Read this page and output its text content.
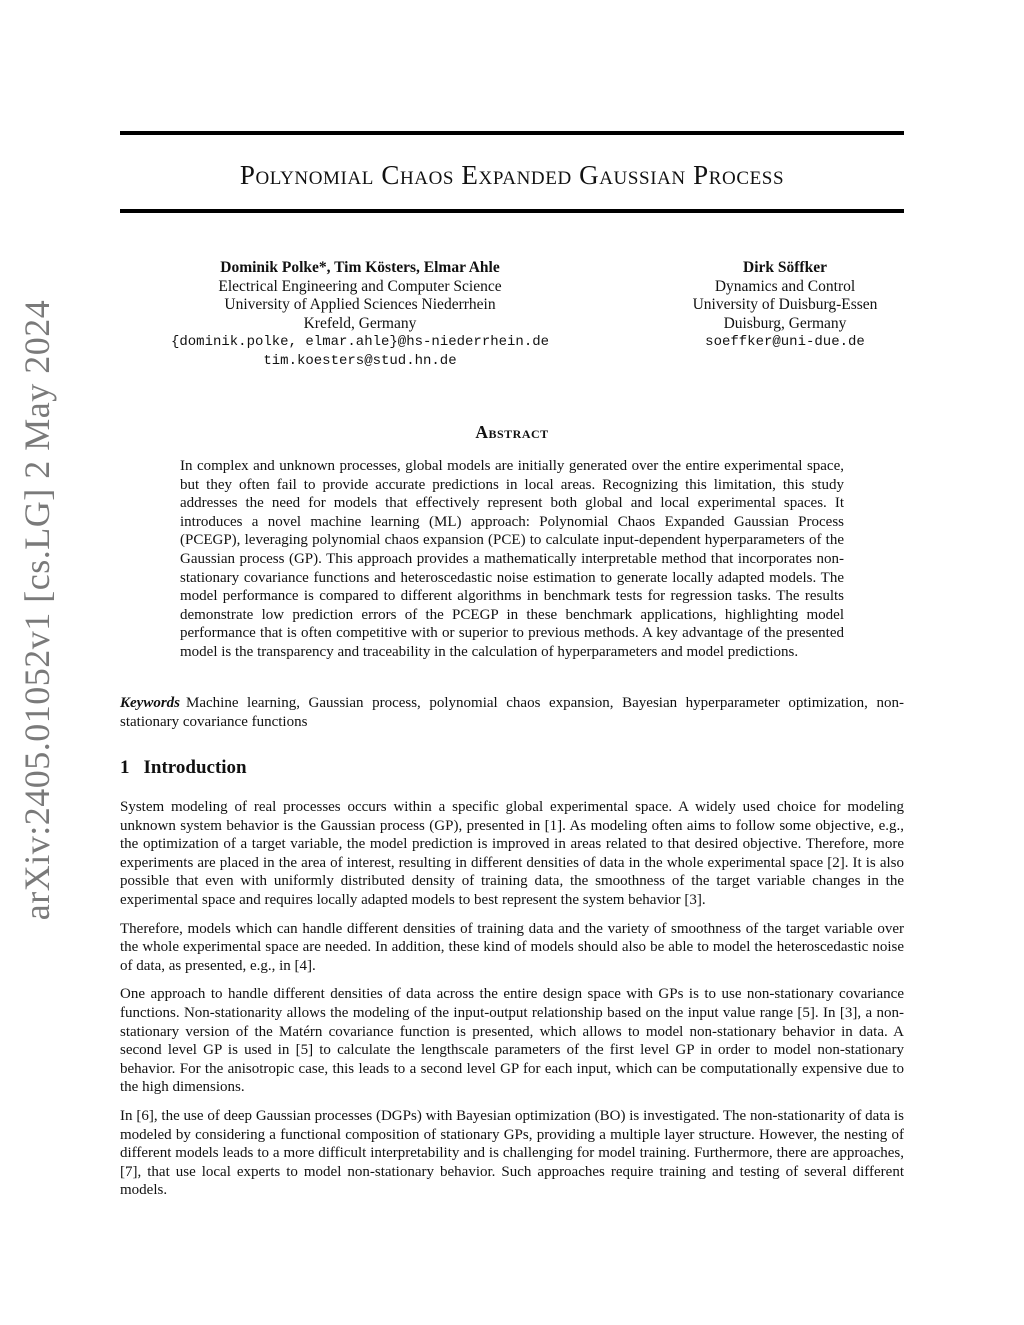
arXiv:2405.01052v1 [cs.LG] 2 May 2024
Polynomial Chaos Expanded Gaussian Process
Dominik Polke*, Tim Kösters, Elmar Ahle
Electrical Engineering and Computer Science
University of Applied Sciences Niederrhein
Krefeld, Germany
{dominik.polke, elmar.ahle}@hs-niederrhein.de
tim.koesters@stud.hn.de
Dirk Söffker
Dynamics and Control
University of Duisburg-Essen
Duisburg, Germany
soeffker@uni-due.de
Abstract
In complex and unknown processes, global models are initially generated over the entire experimental space, but they often fail to provide accurate predictions in local areas. Recognizing this limitation, this study addresses the need for models that effectively represent both global and local experimental spaces. It introduces a novel machine learning (ML) approach: Polynomial Chaos Expanded Gaussian Process (PCEGP), leveraging polynomial chaos expansion (PCE) to calculate input-dependent hyperparameters of the Gaussian process (GP). This approach provides a mathematically interpretable method that incorporates non-stationary covariance functions and heteroscedastic noise estimation to generate locally adapted models. The model performance is compared to different algorithms in benchmark tests for regression tasks. The results demonstrate low prediction errors of the PCEGP in these benchmark applications, highlighting model performance that is often competitive with or superior to previous methods. A key advantage of the presented model is the transparency and traceability in the calculation of hyperparameters and model predictions.
Keywords Machine learning, Gaussian process, polynomial chaos expansion, Bayesian hyperparameter optimization, non-stationary covariance functions
1 Introduction

System modeling of real processes occurs within a specific global experimental space. A widely used choice for modeling unknown system behavior is the Gaussian process (GP), presented in [1]. As modeling often aims to follow some objective, e.g., the optimization of a target variable, the model prediction is improved in areas related to that desired objective. Therefore, more experiments are placed in the area of interest, resulting in different densities of data in the whole experimental space [2]. It is also possible that even with uniformly distributed density of training data, the smoothness of the target variable changes in the experimental space and requires locally adapted models to best represent the system behavior [3].

Therefore, models which can handle different densities of training data and the variety of smoothness of the target variable over the whole experimental space are needed. In addition, these kind of models should also be able to model the heteroscedastic noise of data, as presented, e.g., in [4].

One approach to handle different densities of data across the entire design space with GPs is to use non-stationary covariance functions. Non-stationarity allows the modeling of the input-output relationship based on the input value range [5]. In [3], a non-stationary version of the Matérn covariance function is presented, which allows to model non-stationary behavior in data. A second level GP is used in [5] to calculate the lengthscale parameters of the first level GP in order to model non-stationary behavior. For the anisotropic case, this leads to a second level GP for each input, which can be computationally expensive due to the high dimensions.

In [6], the use of deep Gaussian processes (DGPs) with Bayesian optimization (BO) is investigated. The non-stationarity of data is modeled by considering a functional composition of stationary GPs, providing a multiple layer structure. However, the nesting of different models leads to a more difficult interpretability and is challenging for model training. Furthermore, there are approaches, [7], that use local experts to model non-stationary behavior. Such approaches require training and testing of several different models.
